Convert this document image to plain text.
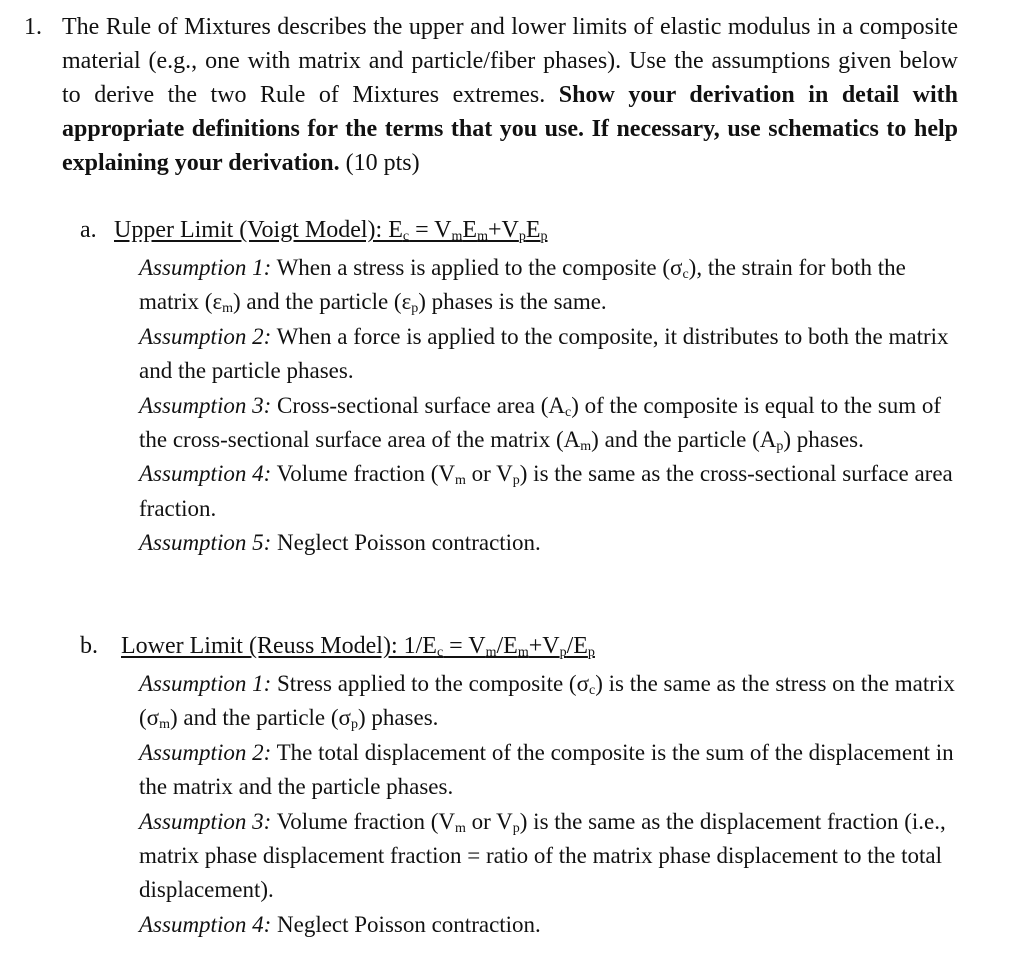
1. The Rule of Mixtures describes the upper and lower limits of elastic modulus in a composite material (e.g., one with matrix and particle/fiber phases). Use the assumptions given below to derive the two Rule of Mixtures extremes. Show your derivation in detail with appropriate definitions for the terms that you use. If necessary, use schematics to help explaining your derivation. (10 pts)
a. Upper Limit (Voigt Model): $E_c = V_mE_m+V_pE_p$
Assumption 1: When a stress is applied to the composite $(\sigma_c)$, the strain for both the matrix $(\varepsilon_m)$ and the particle $(\varepsilon_p)$ phases is the same.
Assumption 2: When a force is applied to the composite, it distributes to both the matrix and the particle phases.
Assumption 3: Cross-sectional surface area $(A_c)$ of the composite is equal to the sum of the cross-sectional surface area of the matrix $(A_m)$ and the particle $(A_p)$ phases.
Assumption 4: Volume fraction ($V_m$ or $V_p$) is the same as the cross-sectional surface area fraction.
Assumption 5: Neglect Poisson contraction.
b. Lower Limit (Reuss Model): $1/E_c = V_m/E_m+V_p/E_p$
Assumption 1: Stress applied to the composite $(\sigma_c)$ is the same as the stress on the matrix $(\sigma_m)$ and the particle $(\sigma_p)$ phases.
Assumption 2: The total displacement of the composite is the sum of the displacement in the matrix and the particle phases.
Assumption 3: Volume fraction ($V_m$ or $V_p$) is the same as the displacement fraction (i.e., matrix phase displacement fraction = ratio of the matrix phase displacement to the total displacement).
Assumption 4: Neglect Poisson contraction.
